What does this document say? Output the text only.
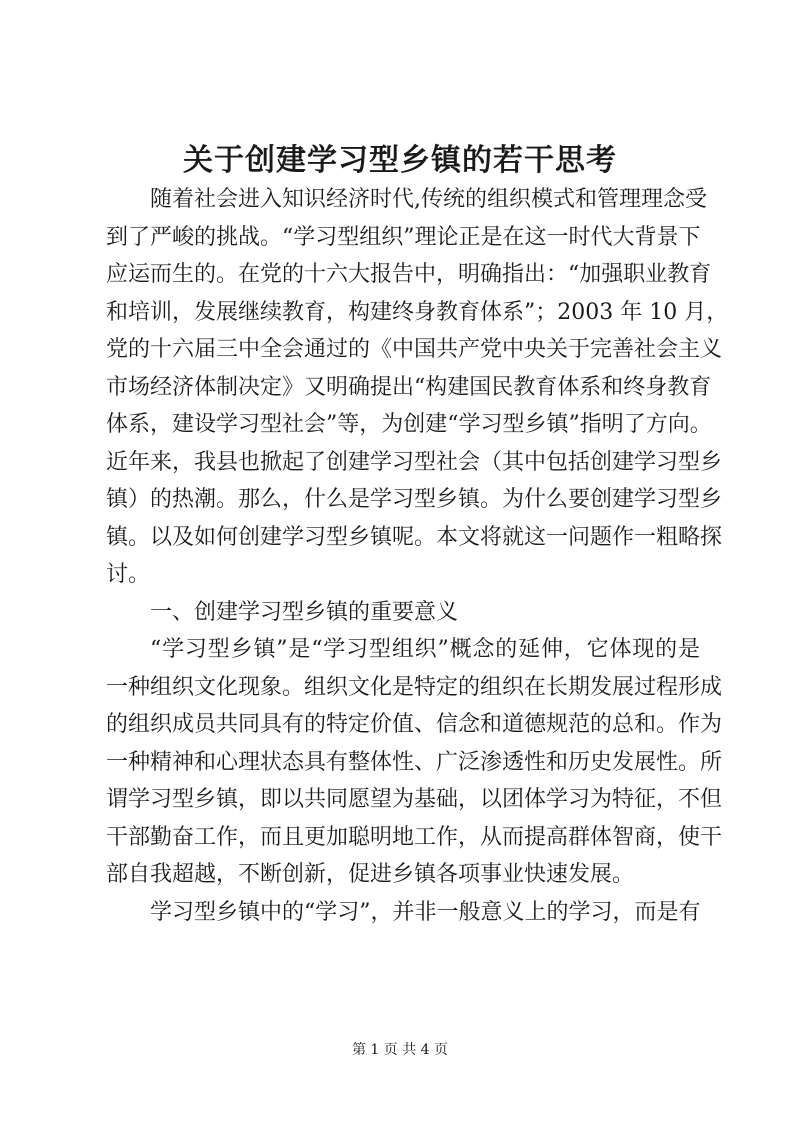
关于创建学习型乡镇的若干思考
随着社会进入知识经济时代,传统的组织模式和管理理念受
到了严峻的挑战。“学习型组织”理论正是在这一时代大背景下
应运而生的。在党的十六大报告中，明确指出：“加强职业教育
和培训，发展继续教育，构建终身教育体系”；2003 年 10 月，
党的十六届三中全会通过的《中国共产党中央关于完善社会主义
市场经济体制决定》又明确提出“构建国民教育体系和终身教育
体系，建设学习型社会”等，为创建“学习型乡镇”指明了方向。
近年来，我县也掀起了创建学习型社会（其中包括创建学习型乡
镇）的热潮。那么，什么是学习型乡镇。为什么要创建学习型乡
镇。以及如何创建学习型乡镇呢。本文将就这一问题作一粗略探
讨。
一、创建学习型乡镇的重要意义
“学习型乡镇”是“学习型组织”概念的延伸，它体现的是
一种组织文化现象。组织文化是特定的组织在长期发展过程形成
的组织成员共同具有的特定价值、信念和道德规范的总和。作为
一种精神和心理状态具有整体性、广泛渗透性和历史发展性。所
谓学习型乡镇，即以共同愿望为基础，以团体学习为特征，不但
干部勤奋工作，而且更加聪明地工作，从而提高群体智商，使干
部自我超越，不断创新，促进乡镇各项事业快速发展。
学习型乡镇中的“学习”，并非一般意义上的学习，而是有
第 1 页 共 4 页
